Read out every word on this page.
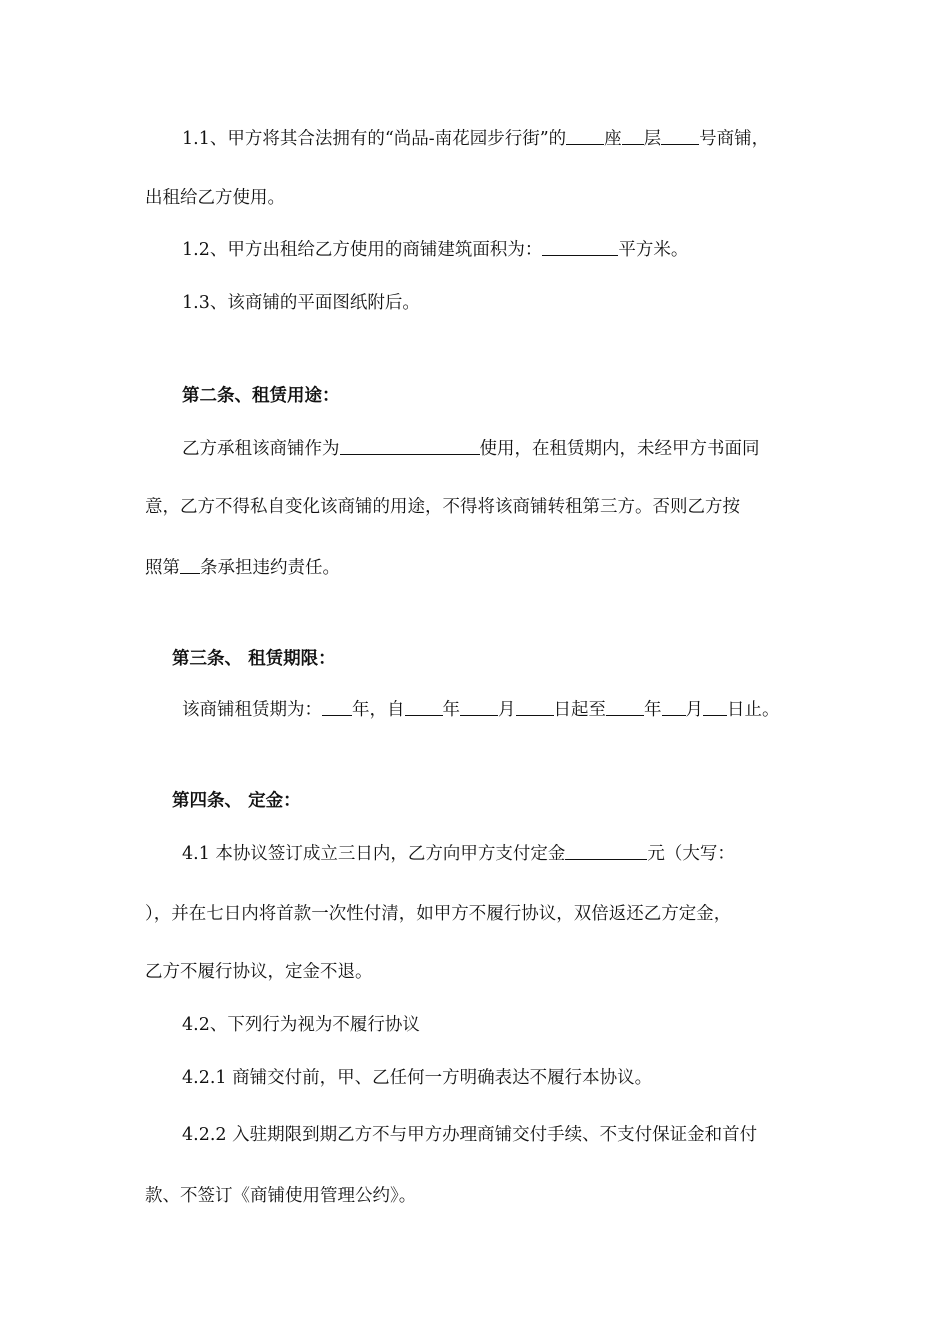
1.1、甲方将其合法拥有的“尚品-南花园步行街”的 座 层 号商铺，
出租给乙方使用。
1.2、甲方出租给乙方使用的商铺建筑面积为：	平方米。
1.3、该商铺的平面图纸附后。
第二条、租赁用途：
乙方承租该商铺作为	使用，在租赁期内，未经甲方书面同
意，乙方不得私自变化该商铺的用途，不得将该商铺转租第三方。否则乙方按
照第 条承担违约责任。
第三条、 租赁期限：
该商铺租赁期为： 年，自 年 月 日起至 年 月 日止。
第四条、 定金：
4.1 本协议签订成立三日内，乙方向甲方支付定金	元（大写：
），并在七日内将首款一次性付清，如甲方不履行协议，双倍返还乙方定金，
乙方不履行协议，定金不退。
4.2、下列行为视为不履行协议
4.2.1 商铺交付前，甲、乙任何一方明确表达不履行本协议。
4.2.2 入驻期限到期乙方不与甲方办理商铺交付手续、不支付保证金和首付
款、不签订《商铺使用管理公约》。
